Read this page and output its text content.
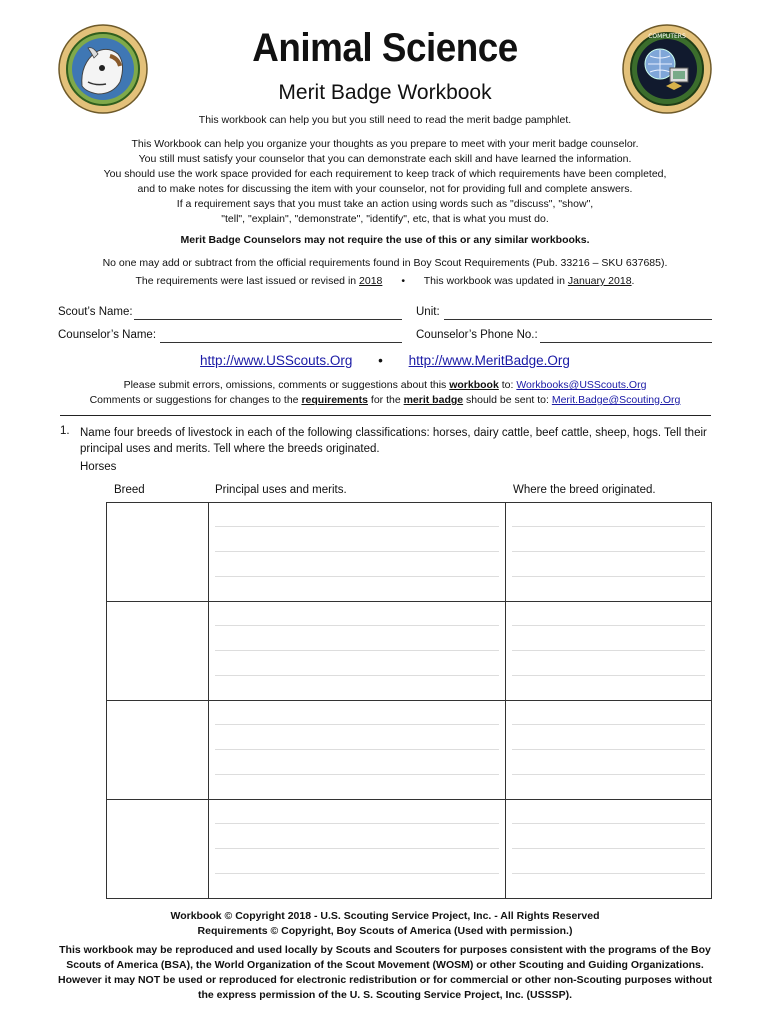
COMPUTERS
Animal Science
Merit Badge Workbook
This workbook can help you but you still need to read the merit badge pamphlet.
This Workbook can help you organize your thoughts as you prepare to meet with your merit badge counselor.
You still must satisfy your counselor that you can demonstrate each skill and have learned the information.
You should use the work space provided for each requirement to keep track of which requirements have been completed,
and to make notes for discussing the item with your counselor, not for providing full and complete answers.
If a requirement says that you must take an action using words such as "discuss", "show",
"tell", "explain", "demonstrate", "identify", etc, that is what you must do.
Merit Badge Counselors may not require the use of this or any similar workbooks.
No one may add or subtract from the official requirements found in Boy Scout Requirements (Pub. 33216 – SKU 637685).
The requirements were last issued or revised in 2018 • This workbook was updated in January 2018.
Scout’s Name:	Unit:
Counselor’s Name:	Counselor’s Phone No.:
http://www.USScouts.Org • http://www.MeritBadge.Org
Please submit errors, omissions, comments or suggestions about this workbook to: Workbooks@USScouts.Org
Comments or suggestions for changes to the requirements for the merit badge should be sent to: Merit.Badge@Scouting.Org
1. Name four breeds of livestock in each of the following classifications: horses, dairy cattle, beef cattle, sheep, hogs. Tell their
principal uses and merits. Tell where the breeds originated.
Horses
Breed	Principal uses and merits.	Where the breed originated.

Workbook © Copyright 2018 - U.S. Scouting Service Project, Inc. - All Rights Reserved
Requirements © Copyright, Boy Scouts of America (Used with permission.)
This workbook may be reproduced and used locally by Scouts and Scouters for purposes consistent with the programs of the Boy
Scouts of America (BSA), the World Organization of the Scout Movement (WOSM) or other Scouting and Guiding Organizations.
However it may NOT be used or reproduced for electronic redistribution or for commercial or other non-Scouting purposes without
the express permission of the U. S. Scouting Service Project, Inc. (USSSP).
